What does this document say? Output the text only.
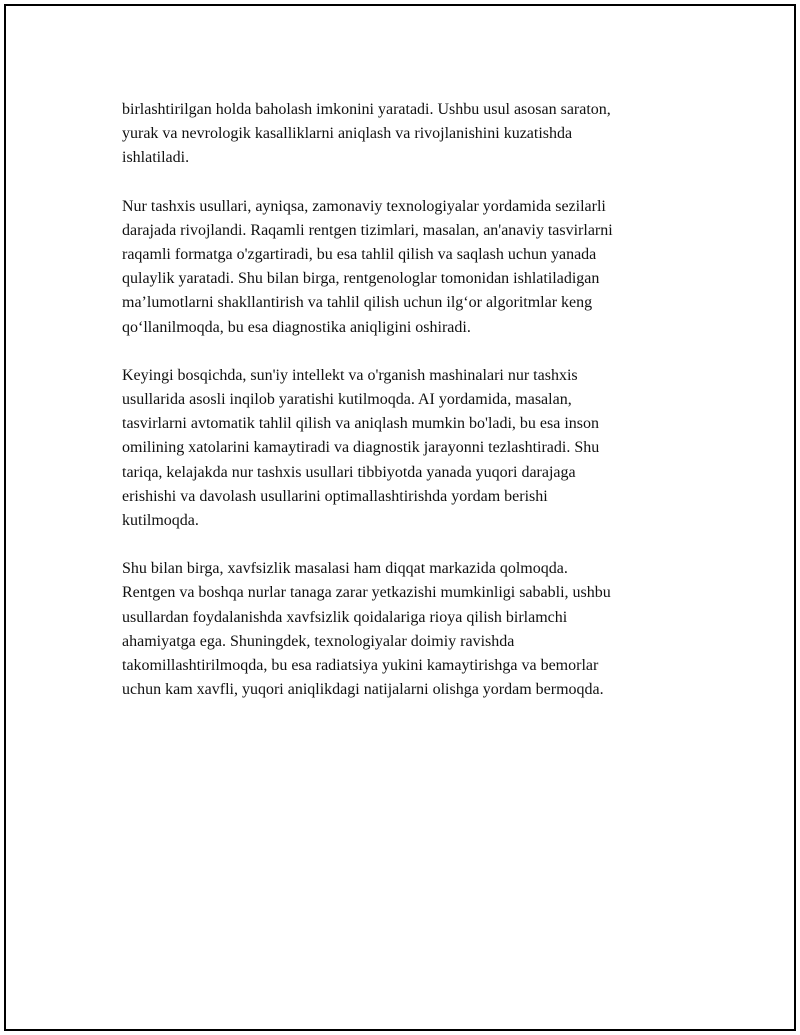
birlashtirilgan holda baholash imkonini yaratadi. Ushbu usul asosan saraton,
yurak va nevrologik kasalliklarni aniqlash va rivojlanishini kuzatishda
ishlatiladi.

Nur tashxis usullari, ayniqsa, zamonaviy texnologiyalar yordamida sezilarli
darajada rivojlandi. Raqamli rentgen tizimlari, masalan, an'anaviy tasvirlarni
raqamli formatga o'zgartiradi, bu esa tahlil qilish va saqlash uchun yanada
qulaylik yaratadi. Shu bilan birga, rentgenologlar tomonidan ishlatiladigan
ma’lumotlarni shakllantirish va tahlil qilish uchun ilg‘or algoritmlar keng
qo‘llanilmoqda, bu esa diagnostika aniqligini oshiradi.

Keyingi bosqichda, sun'iy intellekt va o'rganish mashinalari nur tashxis
usullarida asosli inqilob yaratishi kutilmoqda. AI yordamida, masalan,
tasvirlarni avtomatik tahlil qilish va aniqlash mumkin bo'ladi, bu esa inson
omilining xatolarini kamaytiradi va diagnostik jarayonni tezlashtiradi. Shu
tariqa, kelajakda nur tashxis usullari tibbiyotda yanada yuqori darajaga
erishishi va davolash usullarini optimallashtirishda yordam berishi
kutilmoqda.

Shu bilan birga, xavfsizlik masalasi ham diqqat markazida qolmoqda.
Rentgen va boshqa nurlar tanaga zarar yetkazishi mumkinligi sababli, ushbu
usullardan foydalanishda xavfsizlik qoidalariga rioya qilish birlamchi
ahamiyatga ega. Shuningdek, texnologiyalar doimiy ravishda
takomillashtirilmoqda, bu esa radiatsiya yukini kamaytirishga va bemorlar
uchun kam xavfli, yuqori aniqlikdagi natijalarni olishga yordam bermoqda.
